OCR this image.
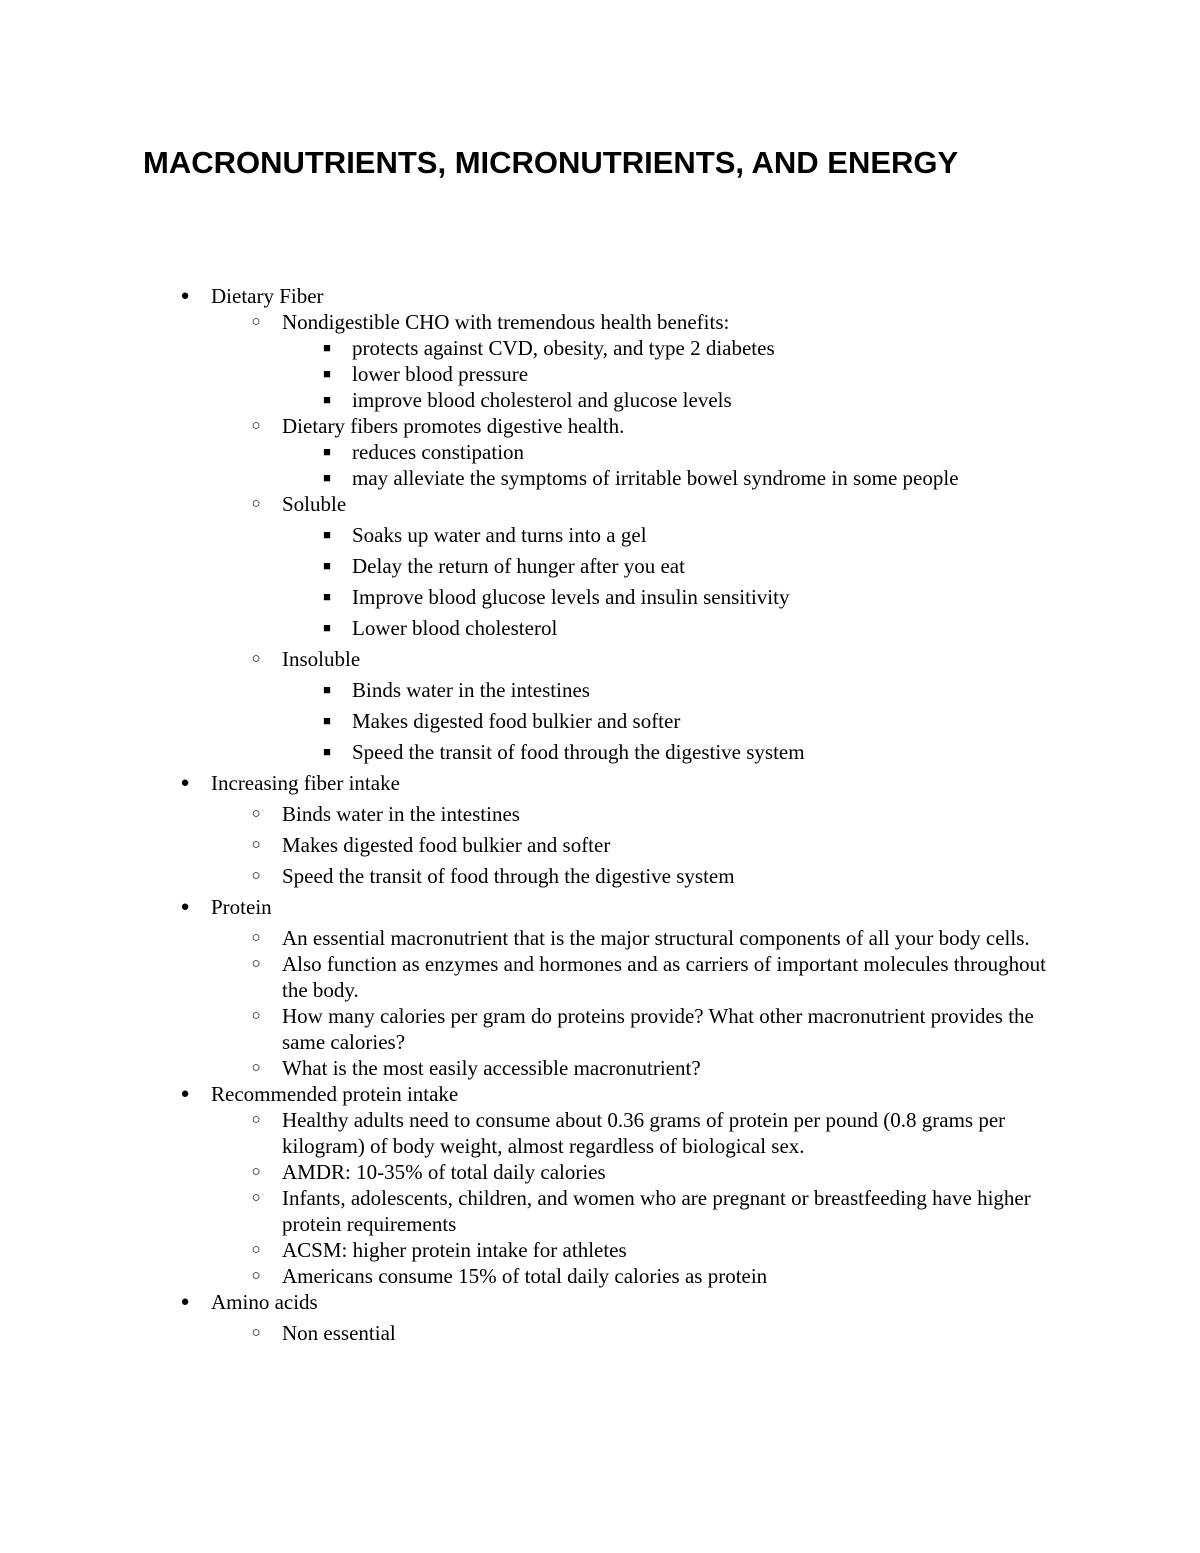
MACRONUTRIENTS, MICRONUTRIENTS, AND ENERGY
● Dietary Fiber
○ Nondigestible CHO with tremendous health benefits:
■ protects against CVD, obesity, and type 2 diabetes
■ lower blood pressure
■ improve blood cholesterol and glucose levels
○ Dietary fibers promotes digestive health.
■ reduces constipation
■ may alleviate the symptoms of irritable bowel syndrome in some people
○ Soluble
■ Soaks up water and turns into a gel
■ Delay the return of hunger after you eat
■ Improve blood glucose levels and insulin sensitivity
■ Lower blood cholesterol
○ Insoluble
■ Binds water in the intestines
■ Makes digested food bulkier and softer
■ Speed the transit of food through the digestive system
● Increasing fiber intake
○ Binds water in the intestines
○ Makes digested food bulkier and softer
○ Speed the transit of food through the digestive system
● Protein
○ An essential macronutrient that is the major structural components of all your body cells.
○ Also function as enzymes and hormones and as carriers of important molecules throughout the body.
○ How many calories per gram do proteins provide? What other macronutrient provides the same calories?
○ What is the most easily accessible macronutrient?
● Recommended protein intake
○ Healthy adults need to consume about 0.36 grams of protein per pound (0.8 grams per kilogram) of body weight, almost regardless of biological sex.
○ AMDR: 10-35% of total daily calories
○ Infants, adolescents, children, and women who are pregnant or breastfeeding have higher protein requirements
○ ACSM: higher protein intake for athletes
○ Americans consume 15% of total daily calories as protein
● Amino acids
○ Non essential
